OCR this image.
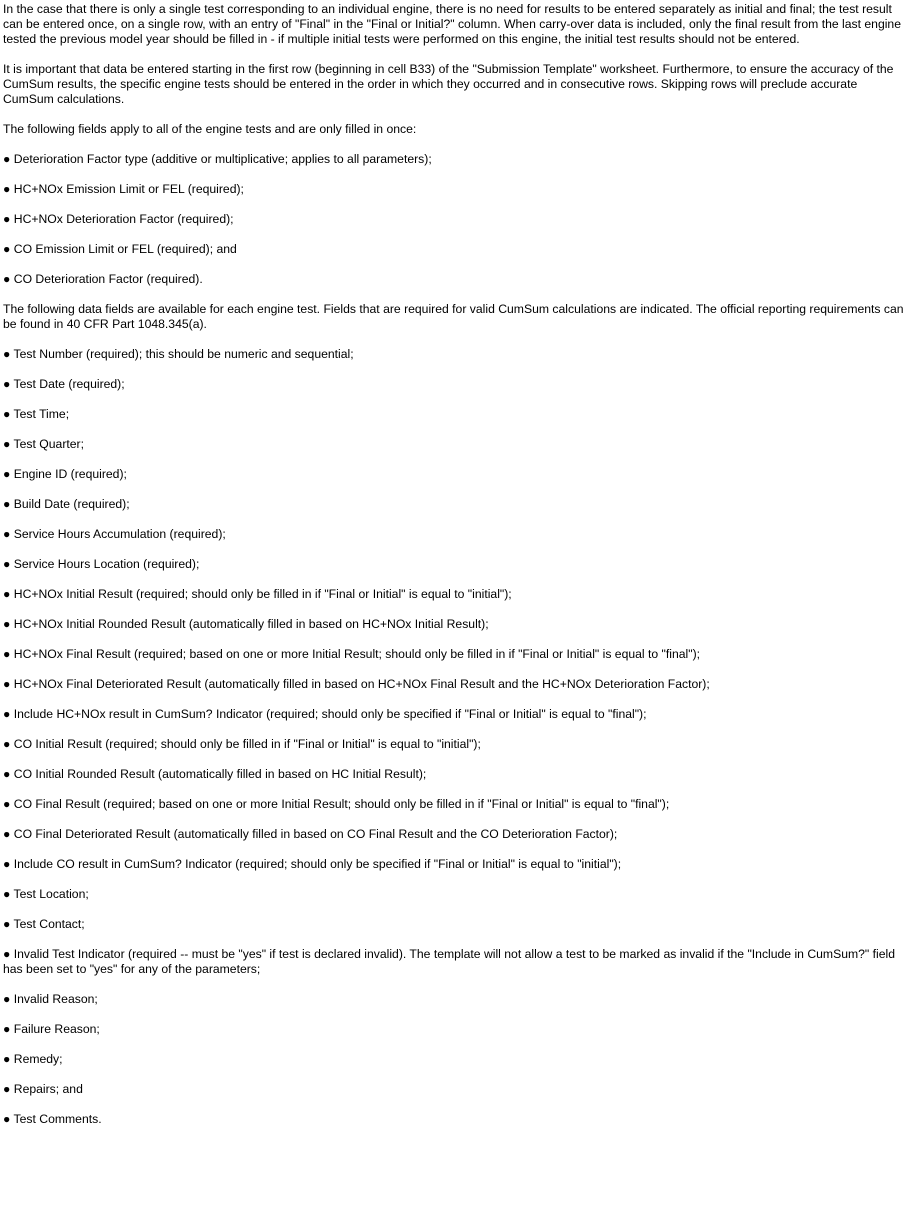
In the case that there is only a single test corresponding to an individual engine, there is no need for results to be entered separately as initial and final; the test result can be entered once, on a single row, with an entry of "Final" in the "Final or Initial?" column. When carry-over data is included, only the final result from the last engine tested the previous model year should be filled in - if multiple initial tests were performed on this engine, the initial test results should not be entered.

It is important that data be entered starting in the first row (beginning in cell B33) of the "Submission Template" worksheet. Furthermore, to ensure the accuracy of the CumSum results, the specific engine tests should be entered in the order in which they occurred and in consecutive rows. Skipping rows will preclude accurate CumSum calculations.

The following fields apply to all of the engine tests and are only filled in once:

● Deterioration Factor type (additive or multiplicative; applies to all parameters);

● HC+NOx Emission Limit or FEL (required);

● HC+NOx Deterioration Factor (required);

● CO Emission Limit or FEL (required); and

● CO Deterioration Factor (required).

The following data fields are available for each engine test. Fields that are required for valid CumSum calculations are indicated. The official reporting requirements can be found in 40 CFR Part 1048.345(a).

● Test Number (required); this should be numeric and sequential;

● Test Date (required);

● Test Time;

● Test Quarter;

● Engine ID (required);

● Build Date (required);

● Service Hours Accumulation (required);

● Service Hours Location (required);

● HC+NOx Initial Result (required; should only be filled in if "Final or Initial" is equal to "initial");

● HC+NOx Initial Rounded Result (automatically filled in based on HC+NOx Initial Result);

● HC+NOx Final Result (required; based on one or more Initial Result; should only be filled in if "Final or Initial" is equal to "final");

● HC+NOx Final Deteriorated Result (automatically filled in based on HC+NOx Final Result and the HC+NOx Deterioration Factor);

● Include HC+NOx result in CumSum? Indicator (required; should only be specified if "Final or Initial" is equal to "final");

● CO Initial Result (required; should only be filled in if "Final or Initial" is equal to "initial");

● CO Initial Rounded Result (automatically filled in based on HC Initial Result);

● CO Final Result (required; based on one or more Initial Result; should only be filled in if "Final or Initial" is equal to "final");

● CO Final Deteriorated Result (automatically filled in based on CO Final Result and the CO Deterioration Factor);

● Include CO result in CumSum? Indicator (required; should only be specified if "Final or Initial" is equal to "initial");

● Test Location;

● Test Contact;

● Invalid Test Indicator (required -- must be "yes" if test is declared invalid). The template will not allow a test to be marked as invalid if the "Include in CumSum?" field has been set to "yes" for any of the parameters;

● Invalid Reason;

● Failure Reason;

● Remedy;

● Repairs; and

● Test Comments.
